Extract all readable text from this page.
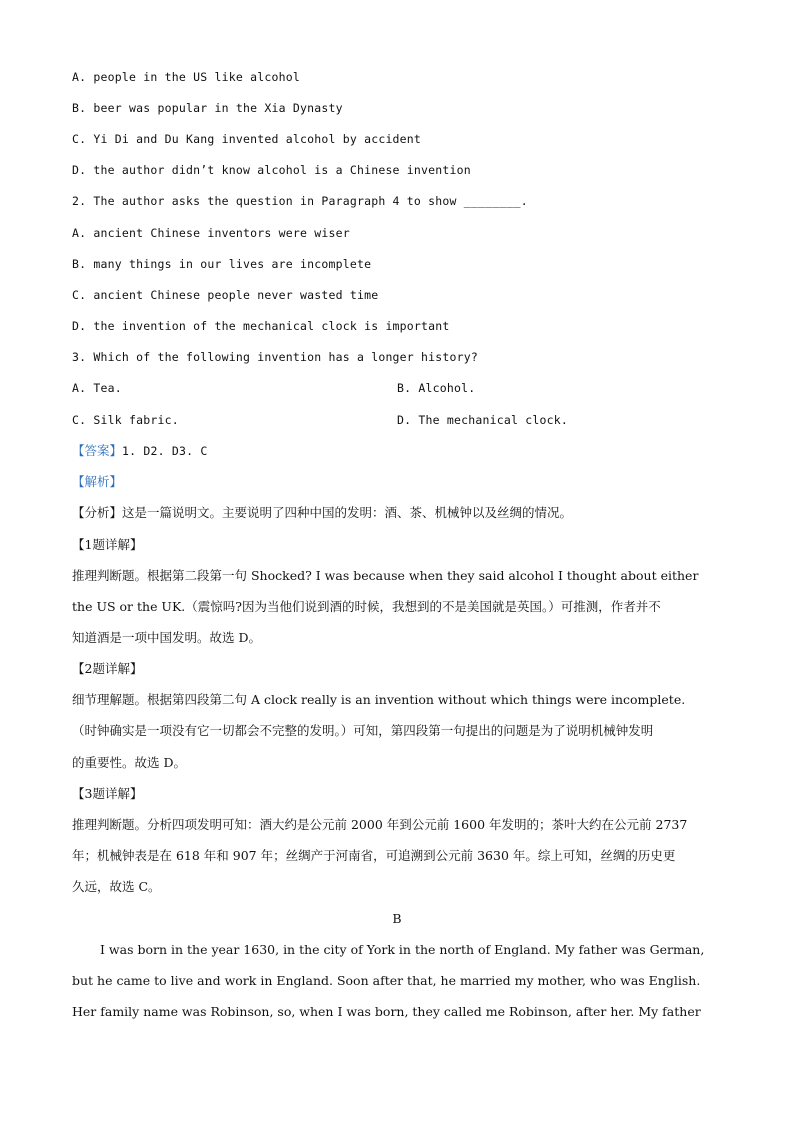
A. people in the US like alcohol
B. beer was popular in the Xia Dynasty
C. Yi Di and Du Kang invented alcohol by accident
D. the author didn’t know alcohol is a Chinese invention
2. The author asks the question in Paragraph 4 to show ________.
A. ancient Chinese inventors were wiser
B. many things in our lives are incomplete
C. ancient Chinese people never wasted time
D. the invention of the mechanical clock is important
3. Which of the following invention has a longer history?
A. Tea.	B. Alcohol.
C. Silk fabric.	D. The mechanical clock.
【答案】1. D2. D3. C
【解析】
【分析】这是一篇说明文。主要说明了四种中国的发明：酒、茶、机械钟以及丝绸的情况。
【1题详解】
推理判断题。根据第二段第一句 Shocked? I was because when they said alcohol I thought about either
the US or the UK.（震惊吗?因为当他们说到酒的时候，我想到的不是美国就是英国。）可推测，作者并不
知道酒是一项中国发明。故选 D。
【2题详解】
细节理解题。根据第四段第二句 A clock really is an invention without which things were incomplete.
（时钟确实是一项没有它一切都会不完整的发明。）可知，第四段第一句提出的问题是为了说明机械钟发明
的重要性。故选 D。
【3题详解】
推理判断题。分析四项发明可知：酒大约是公元前 2000 年到公元前 1600 年发明的；茶叶大约在公元前 2737
年；机械钟表是在 618 年和 907 年；丝绸产于河南省，可追溯到公元前 3630 年。综上可知，丝绸的历史更
久远，故选 C。
B
I was born in the year 1630, in the city of York in the north of England. My father was German,
but he came to live and work in England. Soon after that, he married my mother, who was English.
Her family name was Robinson, so, when I was born, they called me Robinson, after her. My father
